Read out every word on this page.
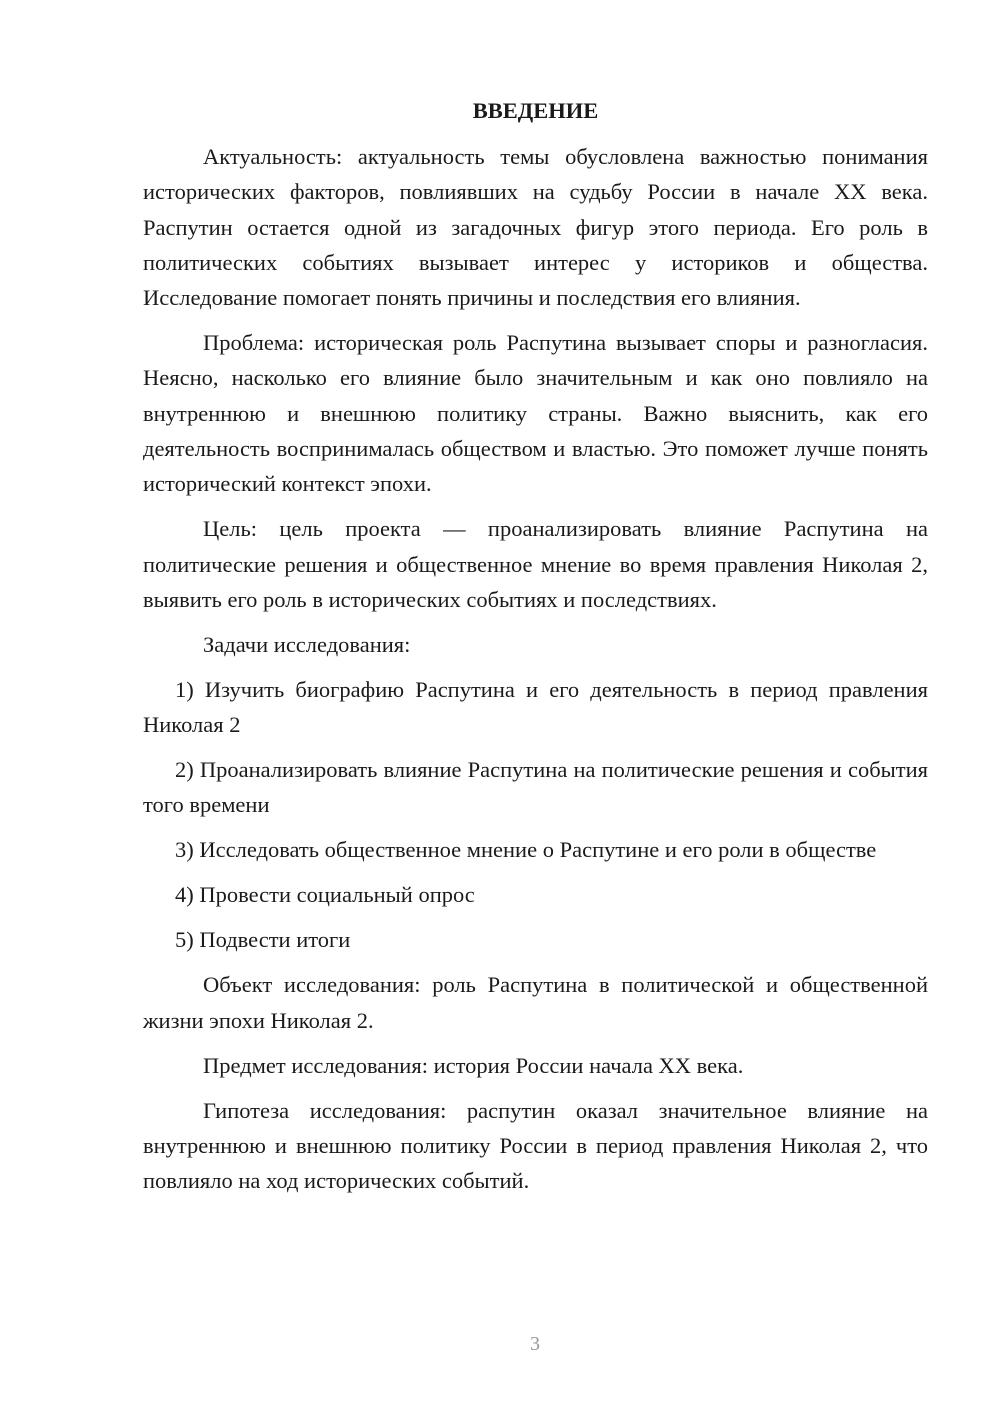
ВВЕДЕНИЕ

Актуальность: актуальность темы обусловлена важностью понимания исторических факторов, повлиявших на судьбу России в начале XX века. Распутин остается одной из загадочных фигур этого периода. Его роль в политических событиях вызывает интерес у историков и общества. Исследование помогает понять причины и последствия его влияния.

Проблема: историческая роль Распутина вызывает споры и разногласия. Неясно, насколько его влияние было значительным и как оно повлияло на внутреннюю и внешнюю политику страны. Важно выяснить, как его деятельность воспринималась обществом и властью. Это поможет лучше понять исторический контекст эпохи.

Цель: цель проекта — проанализировать влияние Распутина на политические решения и общественное мнение во время правления Николая 2, выявить его роль в исторических событиях и последствиях.

Задачи исследования:

1) Изучить биографию Распутина и его деятельность в период правления Николая 2

2) Проанализировать влияние Распутина на политические решения и события того времени

3) Исследовать общественное мнение о Распутине и его роли в обществе

4) Провести социальный опрос

5) Подвести итоги

Объект исследования: роль Распутина в политической и общественной жизни эпохи Николая 2.

Предмет исследования: история России начала XX века.

Гипотеза исследования: распутин оказал значительное влияние на внутреннюю и внешнюю политику России в период правления Николая 2, что повлияло на ход исторических событий.

3
